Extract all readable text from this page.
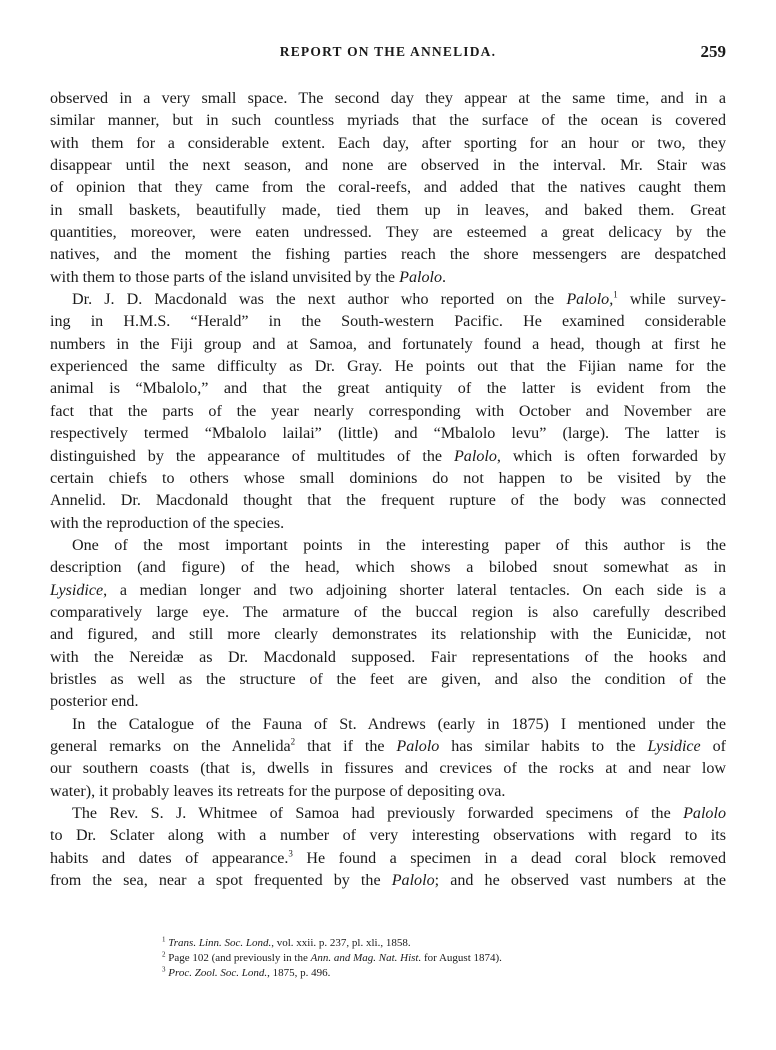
REPORT ON THE ANNELIDA.	259
observed in a very small space. The second day they appear at the same time, and in a
similar manner, but in such countless myriads that the surface of the ocean is covered
with them for a considerable extent. Each day, after sporting for an hour or two, they
disappear until the next season, and none are observed in the interval. Mr. Stair was
of opinion that they came from the coral-reefs, and added that the natives caught them
in small baskets, beautifully made, tied them up in leaves, and baked them. Great
quantities, moreover, were eaten undressed. They are esteemed a great delicacy by the
natives, and the moment the fishing parties reach the shore messengers are despatched
with them to those parts of the island unvisited by the Palolo.
Dr. J. D. Macdonald was the next author who reported on the Palolo,$^1$ while survey-
ing in H.M.S. “Herald” in the South-western Pacific. He examined considerable
numbers in the Fiji group and at Samoa, and fortunately found a head, though at first he
experienced the same difficulty as Dr. Gray. He points out that the Fijian name for the
animal is “Mbalolo,” and that the great antiquity of the latter is evident from the
fact that the parts of the year nearly corresponding with October and November are
respectively termed “Mbalolo lailai” (little) and “Mbalolo levu” (large). The latter is
distinguished by the appearance of multitudes of the Palolo, which is often forwarded by
certain chiefs to others whose small dominions do not happen to be visited by the
Annelid. Dr. Macdonald thought that the frequent rupture of the body was connected
with the reproduction of the species.
One of the most important points in the interesting paper of this author is the
description (and figure) of the head, which shows a bilobed snout somewhat as in
Lysidice, a median longer and two adjoining shorter lateral tentacles. On each side is a
comparatively large eye. The armature of the buccal region is also carefully described
and figured, and still more clearly demonstrates its relationship with the Eunicidæ, not
with the Nereidæ as Dr. Macdonald supposed. Fair representations of the hooks and
bristles as well as the structure of the feet are given, and also the condition of the
posterior end.
In the Catalogue of the Fauna of St. Andrews (early in 1875) I mentioned under the
general remarks on the Annelida$^2$ that if the Palolo has similar habits to the Lysidice of
our southern coasts (that is, dwells in fissures and crevices of the rocks at and near low
water), it probably leaves its retreats for the purpose of depositing ova.
The Rev. S. J. Whitmee of Samoa had previously forwarded specimens of the Palolo
to Dr. Sclater along with a number of very interesting observations with regard to its
habits and dates of appearance.$^3$ He found a specimen in a dead coral block removed
from the sea, near a spot frequented by the Palolo; and he observed vast numbers at the
$^1$ Trans. Linn. Soc. Lond., vol. xxii. p. 237, pl. xli., 1858.
$^2$ Page 102 (and previously in the Ann. and Mag. Nat. Hist. for August 1874).
$^3$ Proc. Zool. Soc. Lond., 1875, p. 496.
